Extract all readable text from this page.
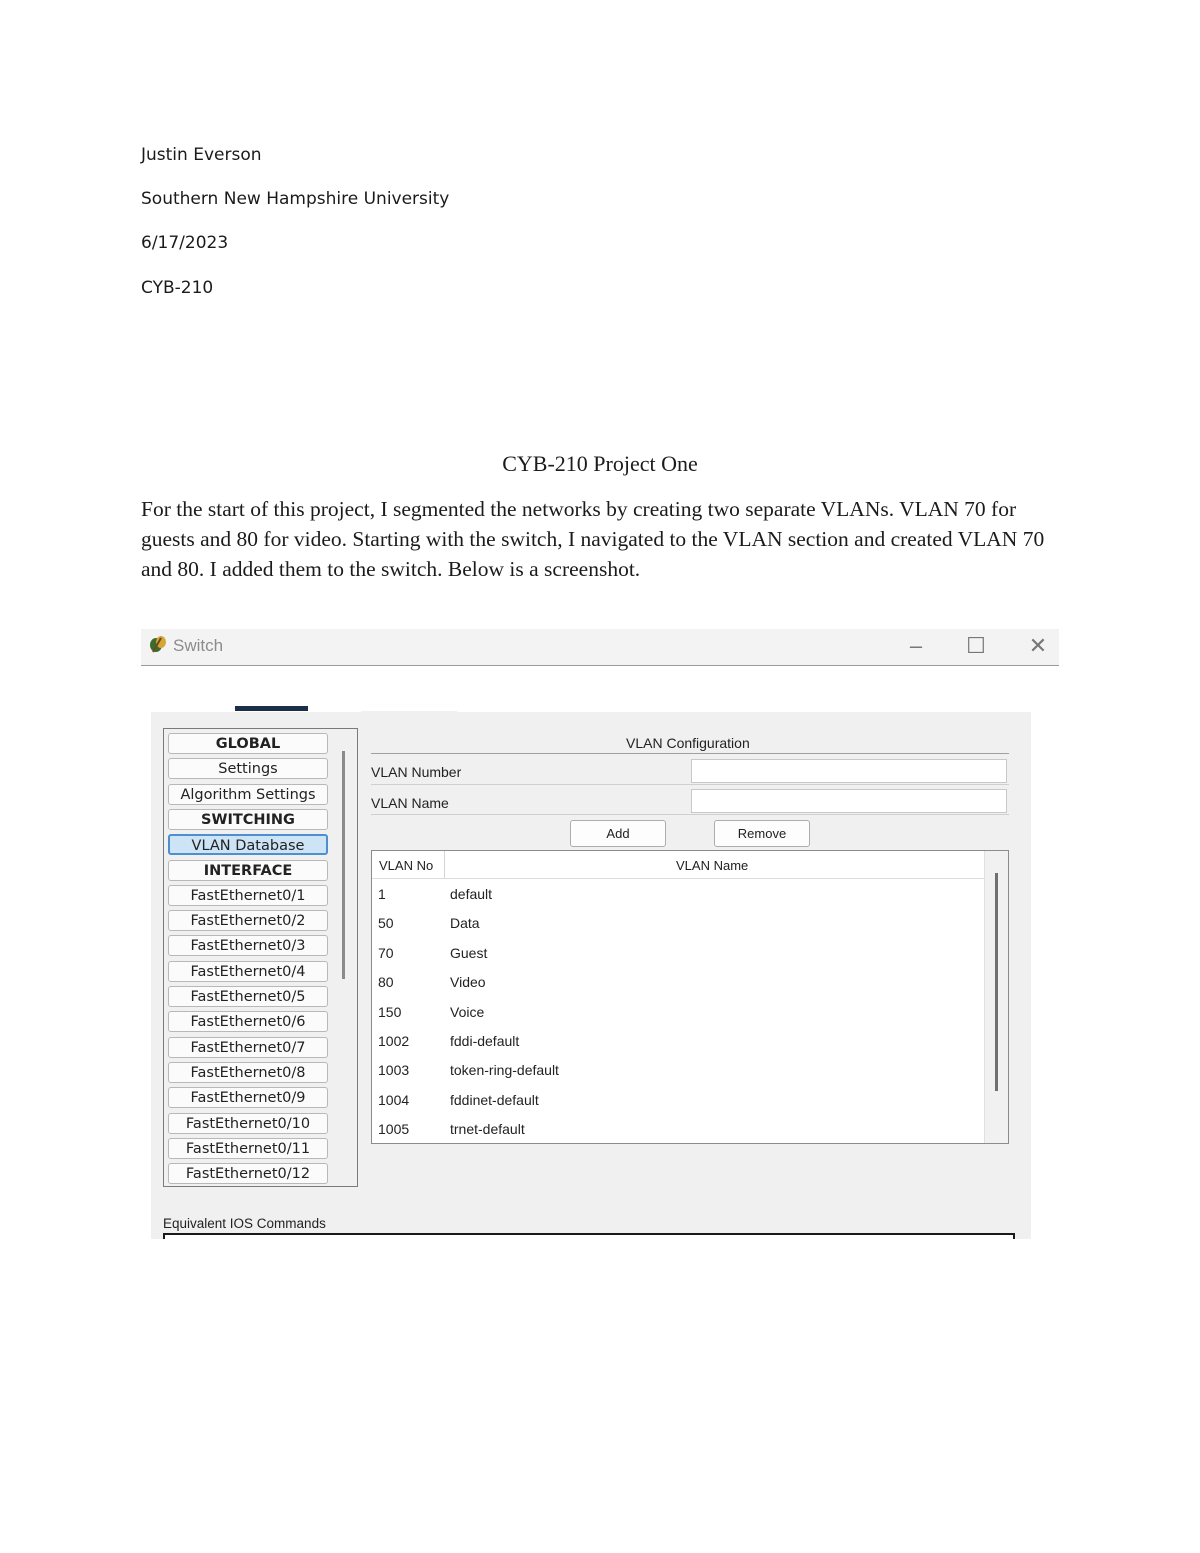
Justin Everson
Southern New Hampshire University
6/17/2023
CYB-210
CYB-210 Project One
For the start of this project, I segmented the networks by creating two separate VLANs. VLAN 70 for guests and 80 for video. Starting with the switch, I navigated to the VLAN section and created VLAN 70 and 80. I added them to the switch. Below is a screenshot.
Switch	–	☐ ✕
GLOBAL
Settings
Algorithm Settings
SWITCHING
VLAN Database
INTERFACE
FastEthernet0/1
FastEthernet0/2
FastEthernet0/3
FastEthernet0/4
FastEthernet0/5
FastEthernet0/6
FastEthernet0/7
FastEthernet0/8
FastEthernet0/9
FastEthernet0/10
FastEthernet0/11
FastEthernet0/12
VLAN Configuration
VLAN Number
VLAN Name
Add	Remove
VLAN No	VLAN Name
1	default
50	Data
70	Guest
80	Video
150	Voice
1002	fddi-default
1003	token-ring-default
1004	fddinet-default
1005	trnet-default
Equivalent IOS Commands
